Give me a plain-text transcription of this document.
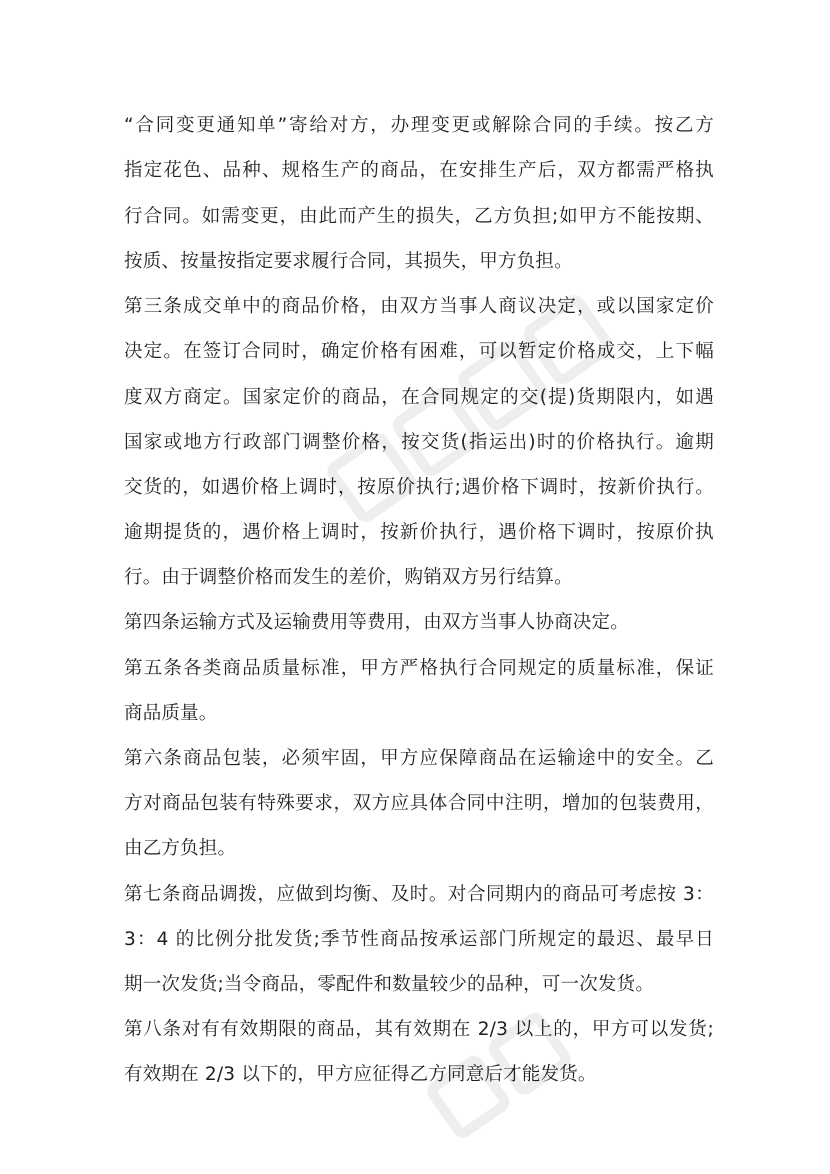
“合同变更通知单”寄给对方，办理变更或解除合同的手续。按乙方
指定花色、品种、规格生产的商品，在安排生产后，双方都需严格执
行合同。如需变更，由此而产生的损失，乙方负担;如甲方不能按期、
按质、按量按指定要求履行合同，其损失，甲方负担。
第三条成交单中的商品价格，由双方当事人商议决定，或以国家定价
决定。在签订合同时，确定价格有困难，可以暂定价格成交，上下幅
度双方商定。国家定价的商品，在合同规定的交(提)货期限内，如遇
国家或地方行政部门调整价格，按交货(指运出)时的价格执行。逾期
交货的，如遇价格上调时，按原价执行;遇价格下调时，按新价执行。
逾期提货的，遇价格上调时，按新价执行，遇价格下调时，按原价执
行。由于调整价格而发生的差价，购销双方另行结算。
第四条运输方式及运输费用等费用，由双方当事人协商决定。
第五条各类商品质量标准，甲方严格执行合同规定的质量标准，保证
商品质量。
第六条商品包装，必须牢固，甲方应保障商品在运输途中的安全。乙
方对商品包装有特殊要求，双方应具体合同中注明，增加的包装费用，
由乙方负担。
第七条商品调拨，应做到均衡、及时。对合同期内的商品可考虑按 3：
3：4 的比例分批发货;季节性商品按承运部门所规定的最迟、最早日
期一次发货;当令商品，零配件和数量较少的品种，可一次发货。
第八条对有有效期限的商品，其有效期在 2/3 以上的，甲方可以发货;
有效期在 2/3 以下的，甲方应征得乙方同意后才能发货。
